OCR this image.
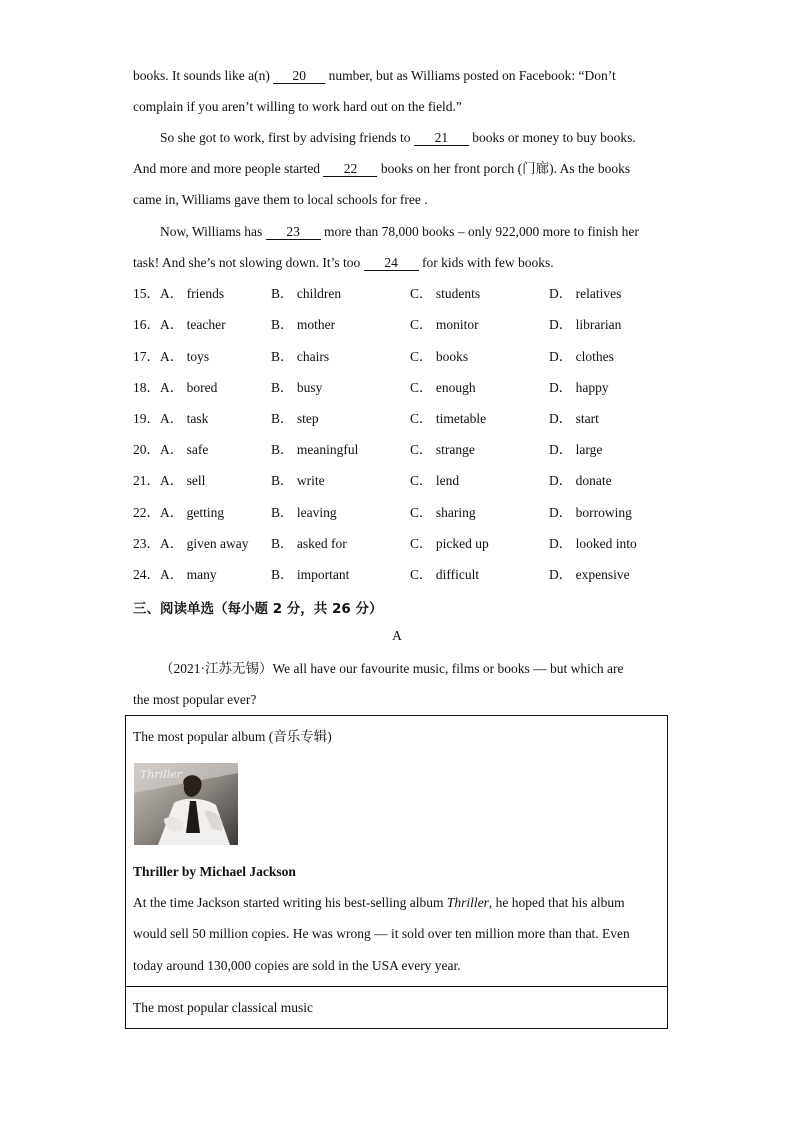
books. It sounds like a(n) 20 number, but as Williams posted on Facebook: “Don’t
complain if you aren’t willing to work hard out on the field.”
So she got to work, first by advising friends to 21 books or money to buy books.
And more and more people started 22 books on her front porch (门廊). As the books
came in, Williams gave them to local schools for free .
Now, Williams has 23 more than 78,000 books – only 922,000 more to finish her
task! And she’s not slowing down. It’s too 24 for kids with few books.
15． A． friends	B． children	C． students	D． relatives
16． A． teacher	B． mother	C． monitor	D． librarian
17． A． toys	B． chairs	C． books	D． clothes
18． A． bored	B． busy	C． enough	D． happy
19． A． task	B． step	C． timetable	D． start
20． A． safe	B． meaningful	C． strange	D． large
21． A． sell	B． write	C． lend	D． donate
22． A． getting	B． leaving	C． sharing	D． borrowing
23． A． given away B． asked for	C． picked up	D． looked into
24． A． many	B． important	C． difficult	D． expensive
三、阅读单选（每小题 2 分，共 26 分）
A
（2021·江苏无锡）We all have our favourite music, films or books — but which are
the most popular ever?
The most popular album (音乐专辑)
Thriller
Thriller by Michael Jackson
At the time Jackson started writing his best-selling album Thriller, he hoped that his album
would sell 50 million copies. He was wrong — it sold over ten million more than that. Even
today around 130,000 copies are sold in the USA every year.
The most popular classical music
